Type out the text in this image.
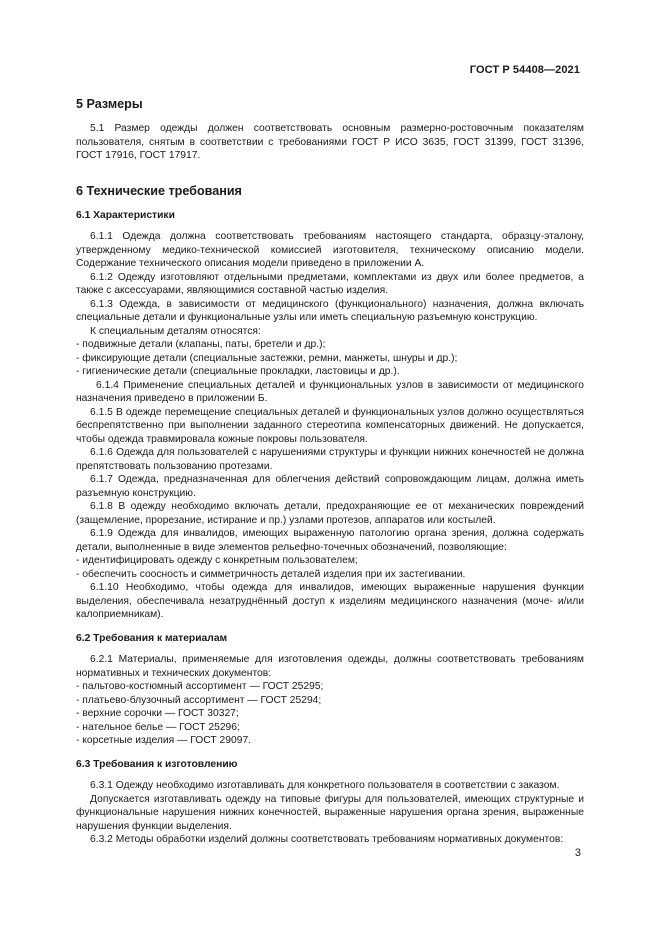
ГОСТ Р 54408—2021
5 Размеры

5.1 Размер одежды должен соответствовать основным размерно-ростовочным показателям пользователя, снятым в соответствии с требованиями ГОСТ Р ИСО 3635, ГОСТ 31399, ГОСТ 31396, ГОСТ 17916, ГОСТ 17917.

6 Технические требования
6.1 Характеристики

6.1.1 Одежда должна соответствовать требованиям настоящего стандарта, образцу-эталону, утвержденному медико-технической комиссией изготовителя, техническому описанию модели. Содержание технического описания модели приведено в приложении А.

6.1.2 Одежду изготовляют отдельными предметами, комплектами из двух или более предметов, а также с аксессуарами, являющимися составной частью изделия.

6.1.3 Одежда, в зависимости от медицинского (функционального) назначения, должна включать специальные детали и функциональные узлы или иметь специальную разъемную конструкцию.

К специальным деталям относятся:

- подвижные детали (клапаны, паты, бретели и др.);

- фиксирующие детали (специальные застежки, ремни, манжеты, шнуры и др.);

- гигиенические детали (специальные прокладки, ластовицы и др.).

6.1.4 Применение специальных деталей и функциональных узлов в зависимости от медицинского назначения приведено в приложении Б.

6.1.5 В одежде перемещение специальных деталей и функциональных узлов должно осуществляться беспрепятственно при выполнении заданного стереотипа компенсаторных движений. Не допускается, чтобы одежда травмировала кожные покровы пользователя.

6.1.6 Одежда для пользователей с нарушениями структуры и функции нижних конечностей не должна препятствовать пользованию протезами.

6.1.7 Одежда, предназначенная для облегчения действий сопровождающим лицам, должна иметь разъемную конструкцию.

6.1.8 В одежду необходимо включать детали, предохраняющие ее от механических повреждений (защемление, прорезание, истирание и пр.) узлами протезов, аппаратов или костылей.

6.1.9 Одежда для инвалидов, имеющих выраженную патологию органа зрения, должна содержать детали, выполненные в виде элементов рельефно-точечных обозначений, позволяющие:

- идентифицировать одежду с конкретным пользователем;

- обеспечить соосность и симметричность деталей изделия при их застегивании.

6.1.10 Необходимо, чтобы одежда для инвалидов, имеющих выраженные нарушения функции выделения, обеспечивала незатруднённый доступ к изделиям медицинского назначения (моче- и/или калоприемникам).

6.2 Требования к материалам

6.2.1 Материалы, применяемые для изготовления одежды, должны соответствовать требованиям нормативных и технических документов:

- пальтово-костюмный ассортимент — ГОСТ 25295;

- платьево-блузочный ассортимент — ГОСТ 25294;

- верхние сорочки — ГОСТ 30327;

- нательное белье — ГОСТ 25296;

- корсетные изделия — ГОСТ 29097.

6.3 Требования к изготовлению

6.3.1 Одежду необходимо изготавливать для конкретного пользователя в соответствии с заказом.

Допускается изготавливать одежду на типовые фигуры для пользователей, имеющих структурные и функциональные нарушения нижних конечностей, выраженные нарушения органа зрения, выраженные нарушения функции выделения.

6.3.2 Методы обработки изделий должны соответствовать требованиям нормативных документов:

3
